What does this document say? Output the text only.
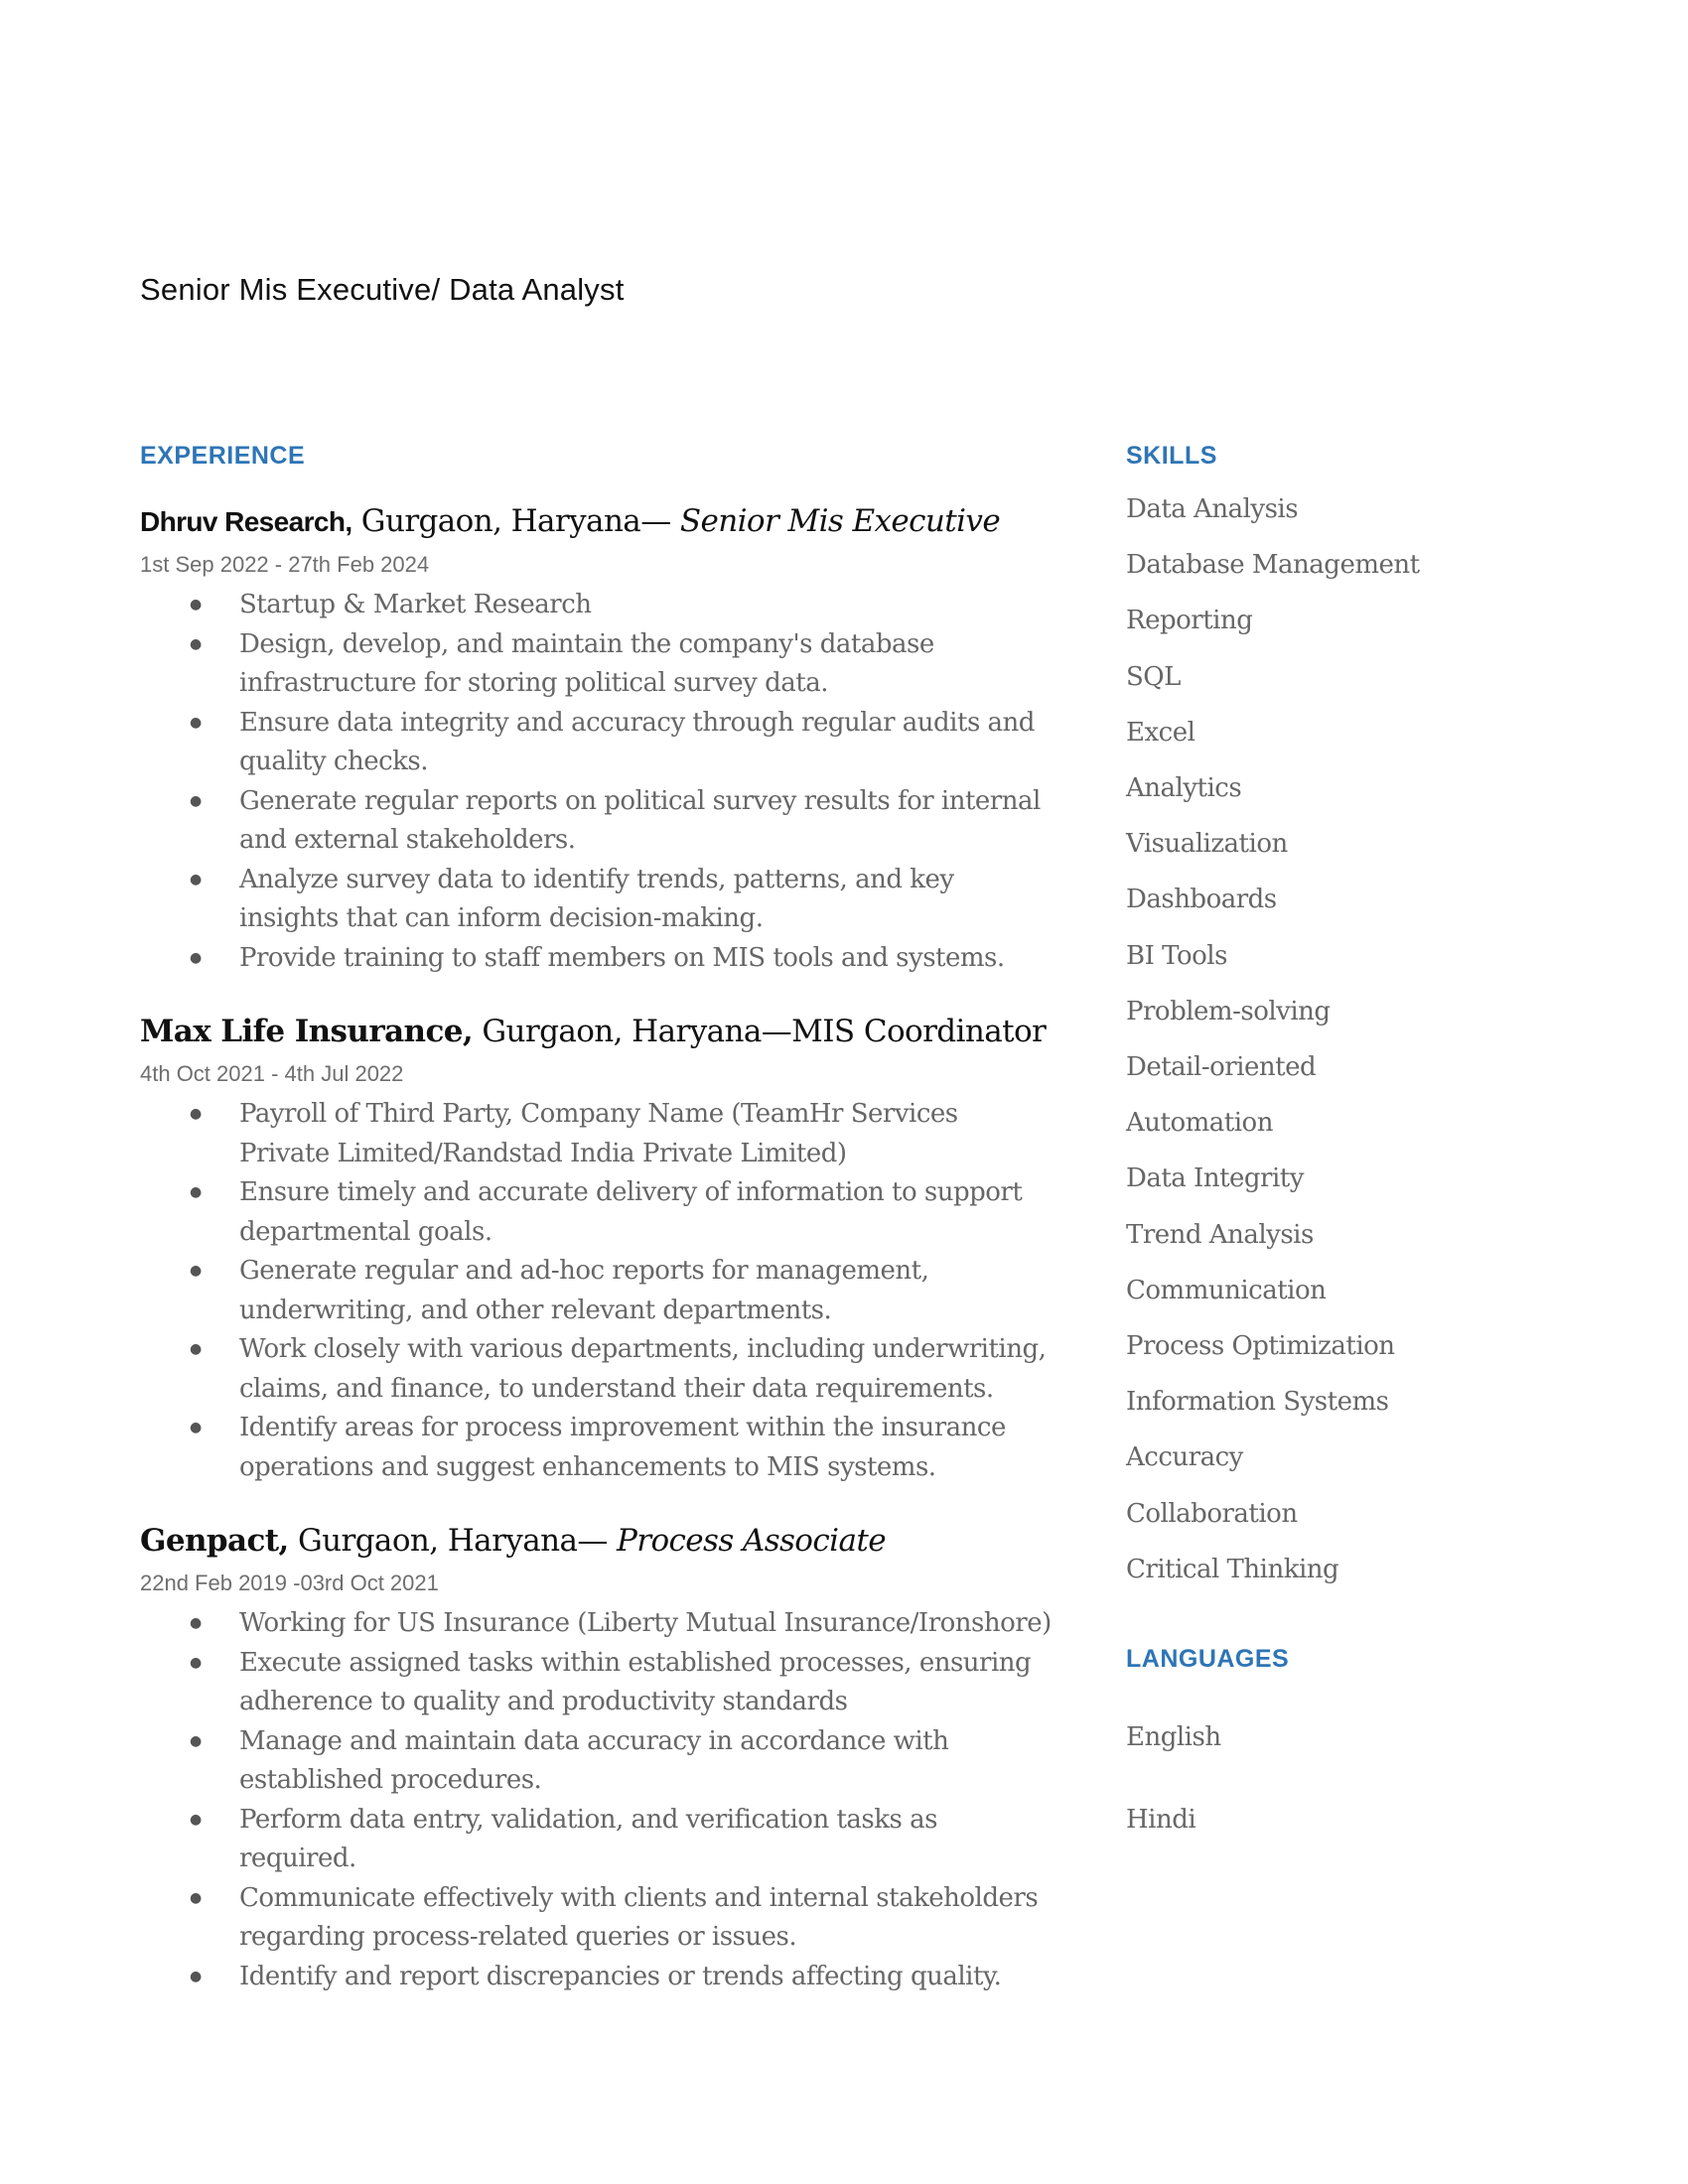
Senior Mis Executive/ Data Analyst
EXPERIENCE

Dhruv Research, Gurgaon, Haryana— Senior Mis Executive

1st Sep 2022 - 27th Feb 2024
● Startup & Market Research
● Design, develop, and maintain the company's database infrastructure for storing political survey data.
● Ensure data integrity and accuracy through regular audits and quality checks.
● Generate regular reports on political survey results for internal and external stakeholders.
● Analyze survey data to identify trends, patterns, and key insights that can inform decision-making.
● Provide training to staff members on MIS tools and systems.

Max Life Insurance, Gurgaon, Haryana—MIS Coordinator

4th Oct 2021 - 4th Jul 2022
● Payroll of Third Party, Company Name (TeamHr Services Private Limited/Randstad India Private Limited)
● Ensure timely and accurate delivery of information to support departmental goals.
● Generate regular and ad-hoc reports for management, underwriting, and other relevant departments.
● Work closely with various departments, including underwriting, claims, and finance, to understand their data requirements.
● Identify areas for process improvement within the insurance operations and suggest enhancements to MIS systems.

Genpact, Gurgaon, Haryana— Process Associate

22nd Feb 2019 -03rd Oct 2021
● Working for US Insurance (Liberty Mutual Insurance/Ironshore)
● Execute assigned tasks within established processes, ensuring adherence to quality and productivity standards
● Manage and maintain data accuracy in accordance with established procedures.
● Perform data entry, validation, and verification tasks as required.
● Communicate effectively with clients and internal stakeholders regarding process-related queries or issues.
● Identify and report discrepancies or trends affecting quality.
SKILLS
Data Analysis
Database Management
Reporting
SQL
Excel
Analytics
Visualization
Dashboards
BI Tools
Problem-solving
Detail-oriented
Automation
Data Integrity
Trend Analysis
Communication
Process Optimization
Information Systems
Accuracy
Collaboration
Critical Thinking
LANGUAGES
English
Hindi
